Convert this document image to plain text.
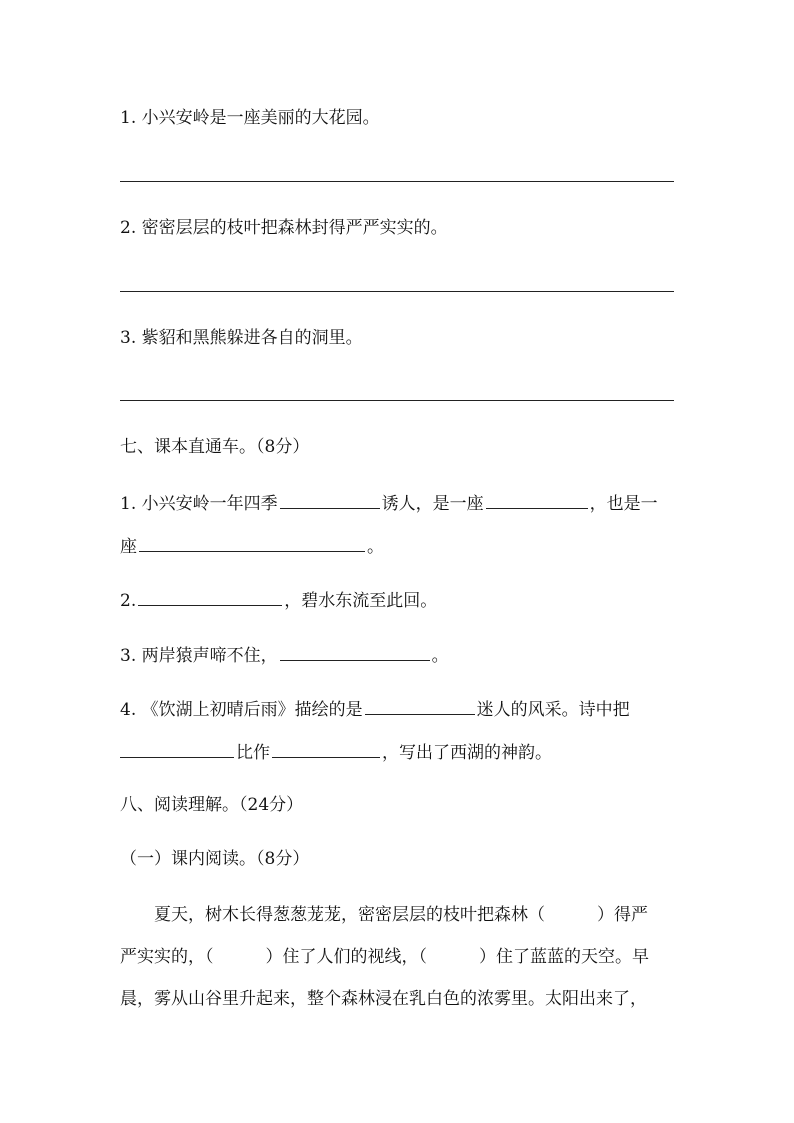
1. 小兴安岭是一座美丽的大花园。
2. 密密层层的枝叶把森林封得严严实实的。
3. 紫貂和黑熊躲进各自的洞里。
七、课本直通车。（8分）
1. 小兴安岭一年四季	诱人，是一座	，也是一
座	。
2.	，碧水东流至此回。
3. 两岸猿声啼不住，	。
4. 《饮湖上初晴后雨》描绘的是	迷人的风采。诗中把
比作	，写出了西湖的神韵。
八、阅读理解。（24分）
（一）课内阅读。（8分）
夏天，树木长得葱葱茏茏，密密层层的枝叶把森林（	）得严
严实实的，（	）住了人们的视线，（	）住了蓝蓝的天空。早
晨，雾从山谷里升起来，整个森林浸在乳白色的浓雾里。太阳出来了，
